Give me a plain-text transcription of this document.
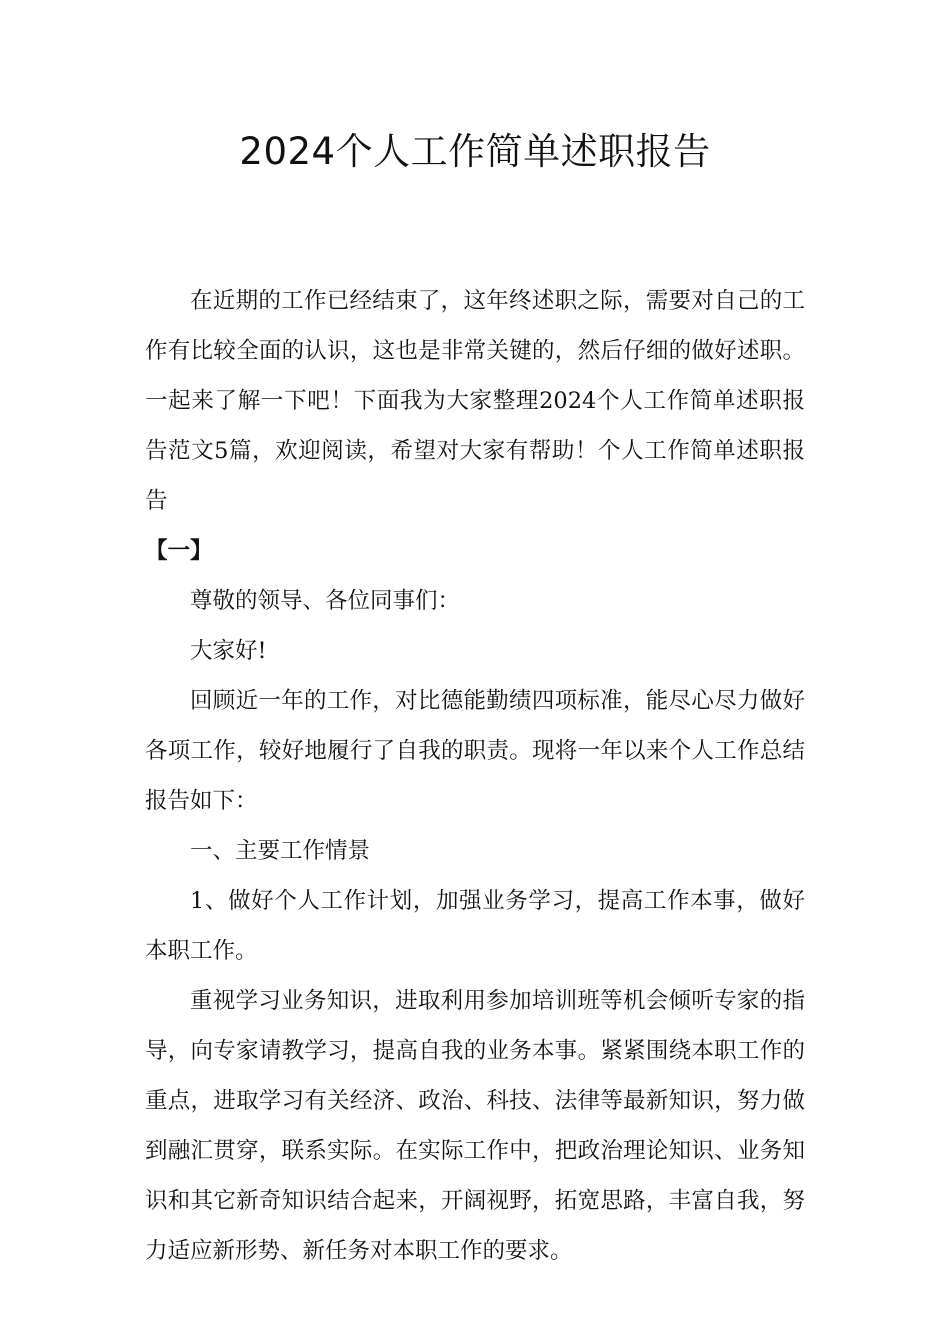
2024个人工作简单述职报告

在近期的工作已经结束了，这年终述职之际，需要对自己的工作有比较全面的认识，这也是非常关键的，然后仔细的做好述职。一起来了解一下吧！下面我为大家整理2024个人工作简单述职报告范文5篇，欢迎阅读，希望对大家有帮助！个人工作简单述职报告

【一】

尊敬的领导、各位同事们：

大家好!

回顾近一年的工作，对比德能勤绩四项标准，能尽心尽力做好各项工作，较好地履行了自我的职责。现将一年以来个人工作总结报告如下：

一、主要工作情景

1、做好个人工作计划，加强业务学习，提高工作本事，做好本职工作。

重视学习业务知识，进取利用参加培训班等机会倾听专家的指导，向专家请教学习，提高自我的业务本事。紧紧围绕本职工作的重点，进取学习有关经济、政治、科技、法律等最新知识，努力做到融汇贯穿，联系实际。在实际工作中，把政治理论知识、业务知识和其它新奇知识结合起来，开阔视野，拓宽思路，丰富自我，努力适应新形势、新任务对本职工作的要求。
